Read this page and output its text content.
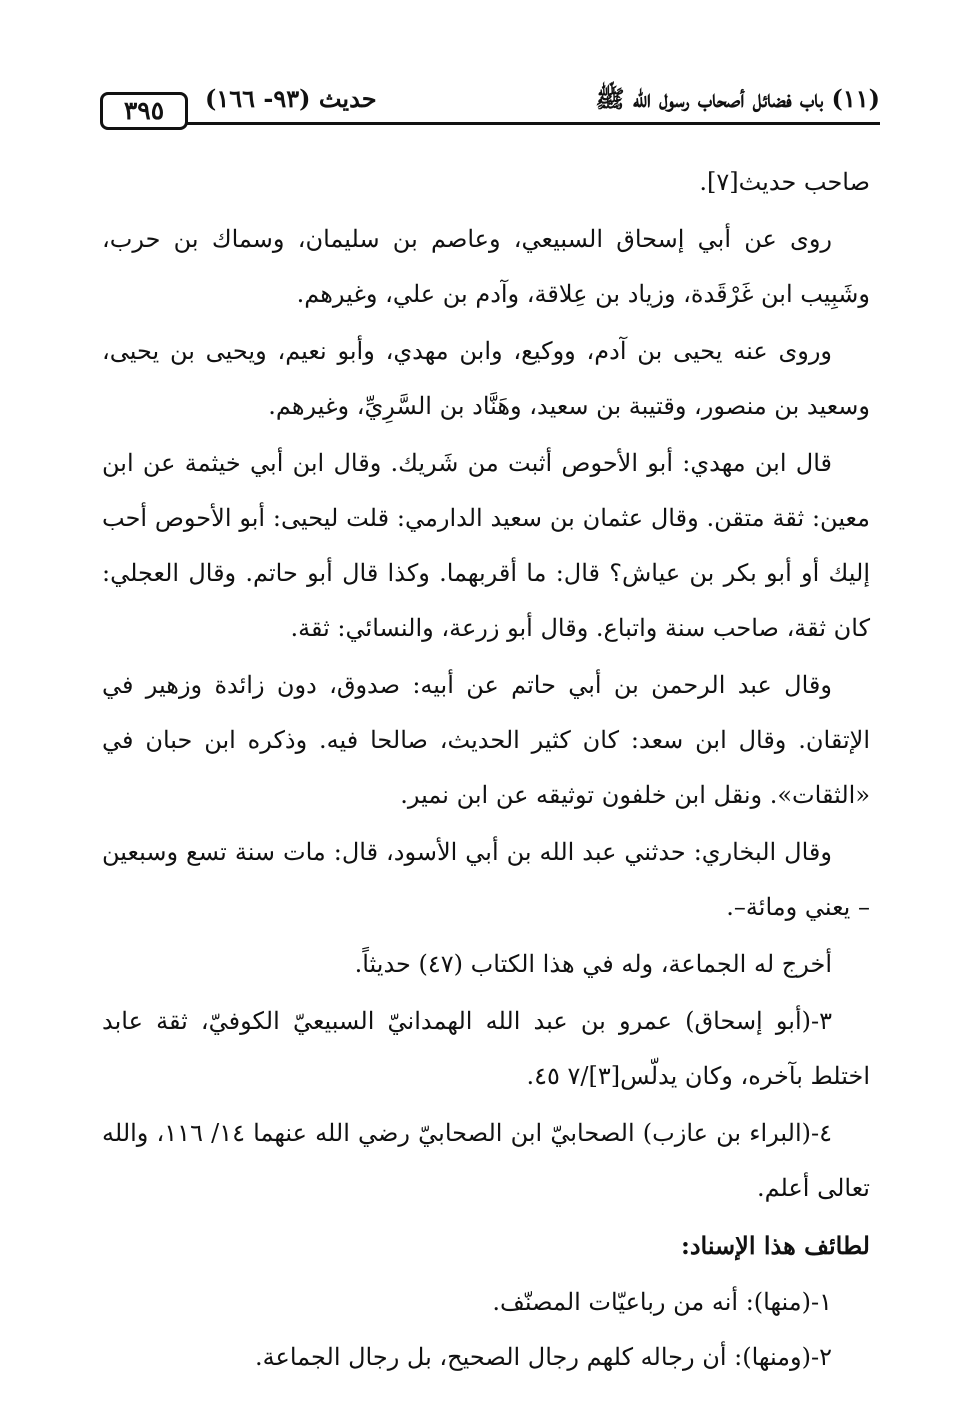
٣٩٥	حديث (٩٣- ١٦٦)	(١١) باب فضائل أصحاب رسول الله ﷺ

صاحب حديث[٧].

روى عن أبي إسحاق السبيعي، وعاصم بن سليمان، وسماك بن حرب، وشَبِيب ابن غَرْقَدة، وزياد بن عِلاقة، وآدم بن علي، وغيرهم.

وروى عنه يحيى بن آدم، ووكيع، وابن مهدي، وأبو نعيم، ويحيى بن يحيى، وسعيد بن منصور، وقتيبة بن سعيد، وهَنَّاد بن السَّرِيِّ، وغيرهم.

قال ابن مهدي: أبو الأحوص أثبت من شَريك. وقال ابن أبي خيثمة عن ابن معين: ثقة متقن. وقال عثمان بن سعيد الدارمي: قلت ليحيى: أبو الأحوص أحب إليك أو أبو بكر بن عياش؟ قال: ما أقربهما. وكذا قال أبو حاتم. وقال العجلي: كان ثقة، صاحب سنة واتباع. وقال أبو زرعة، والنسائي: ثقة.

وقال عبد الرحمن بن أبي حاتم عن أبيه: صدوق، دون زائدة وزهير في الإتقان. وقال ابن سعد: كان كثير الحديث، صالحا فيه. وذكره ابن حبان في «الثقات». ونقل ابن خلفون توثيقه عن ابن نمير.

وقال البخاري: حدثني عبد الله بن أبي الأسود، قال: مات سنة تسع وسبعين – يعني ومائة–.

أخرج له الجماعة، وله في هذا الكتاب (٤٧) حديثاً.

٣-(أبو إسحاق) عمرو بن عبد الله الهمدانيّ السبيعيّ الكوفيّ، ثقة عابد اختلط بآخره، وكان يدلّس[٣]/٧ ٤٥.

٤-(البراء بن عازب) الصحابيّ ابن الصحابيّ رضي الله عنهما ١٤/ ١١٦، والله تعالى أعلم.

لطائف هذا الإسناد:

١-(منها): أنه من رباعيّات المصنّف.

٢-(ومنها): أن رجاله كلهم رجال الصحيح، بل رجال الجماعة.
